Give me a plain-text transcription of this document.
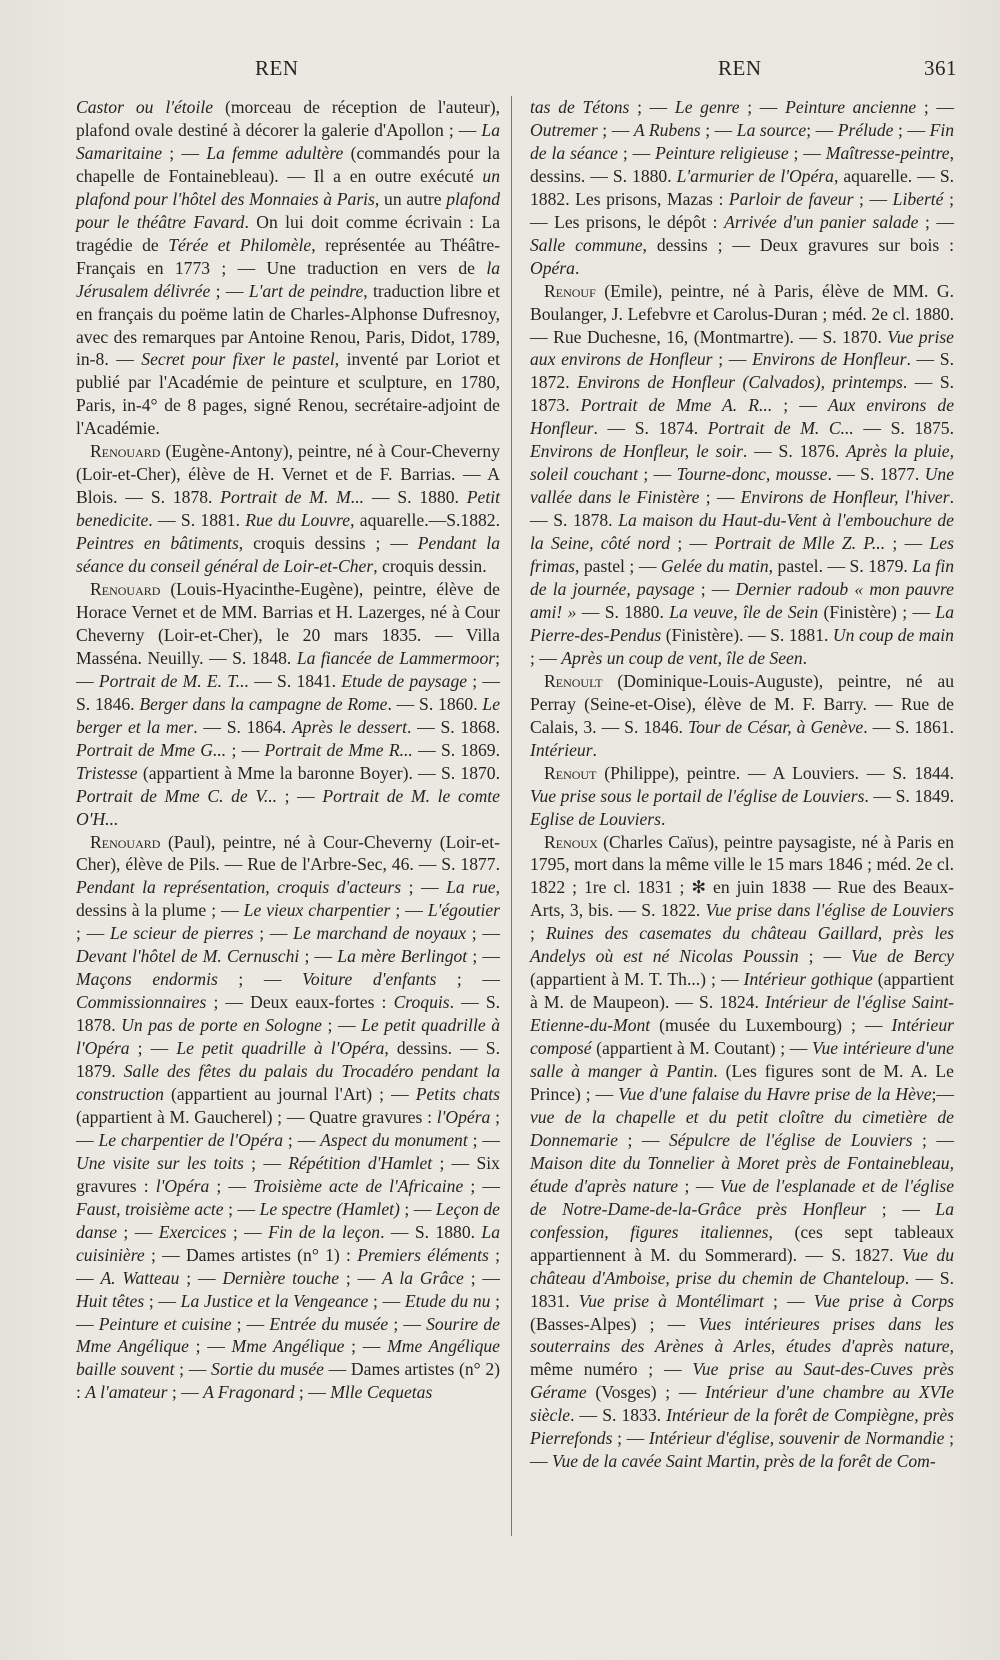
REN	REN	361

Castor ou l'étoile (morceau de réception de l'auteur), plafond ovale destiné à décorer la galerie d'Apollon ; — La Samaritaine ; — La femme adultère (commandés pour la chapelle de Fontainebleau). — Il a en outre exécuté un plafond pour l'hôtel des Monnaies à Paris, un autre plafond pour le théâtre Favard. On lui doit comme écrivain : La tragédie de Térée et Philomèle, représentée au Théâtre-Français en 1773 ; — Une traduction en vers de la Jérusalem délivrée ; — L'art de peindre, traduction libre et en français du poëme latin de Charles-Alphonse Dufresnoy, avec des remarques par Antoine Renou, Paris, Didot, 1789, in-8. — Secret pour fixer le pastel, inventé par Loriot et publié par l'Académie de peinture et sculpture, en 1780, Paris, in-4° de 8 pages, signé Renou, secrétaire-adjoint de l'Académie.

Renouard (Eugène-Antony), peintre, né à Cour-Cheverny (Loir-et-Cher), élève de H. Vernet et de F. Barrias. — A Blois. — S. 1878. Portrait de M. M... — S. 1880. Petit benedicite. — S. 1881. Rue du Louvre, aquarelle.—S.1882. Peintres en bâtiments, croquis dessins ; — Pendant la séance du conseil général de Loir-et-Cher, croquis dessin.

Renouard (Louis-Hyacinthe-Eugène), peintre, élève de Horace Vernet et de MM. Barrias et H. Lazerges, né à Cour Cheverny (Loir-et-Cher), le 20 mars 1835. — Villa Masséna. Neuilly. — S. 1848. La fiancée de Lammermoor; — Portrait de M. E. T... — S. 1841. Etude de paysage ; — S. 1846. Berger dans la campagne de Rome. — S. 1860. Le berger et la mer. — S. 1864. Après le dessert. — S. 1868. Portrait de Mme G... ; — Portrait de Mme R... — S. 1869. Tristesse (appartient à Mme la baronne Boyer). — S. 1870. Portrait de Mme C. de V... ; — Portrait de M. le comte O'H...

Renouard (Paul), peintre, né à Cour-Cheverny (Loir-et-Cher), élève de Pils. — Rue de l'Arbre-Sec, 46. — S. 1877. Pendant la représentation, croquis d'acteurs ; — La rue, dessins à la plume ; — Le vieux charpentier ; — L'égoutier ; — Le scieur de pierres ; — Le marchand de noyaux ; — Devant l'hôtel de M. Cernuschi ; — La mère Berlingot ; — Maçons endormis ; — Voiture d'enfants ; — Commissionnaires ; — Deux eaux-fortes : Croquis. — S. 1878. Un pas de porte en Sologne ; — Le petit quadrille à l'Opéra ; — Le petit quadrille à l'Opéra, dessins. — S. 1879. Salle des fêtes du palais du Trocadéro pendant la construction (appartient au journal l'Art) ; — Petits chats (appartient à M. Gaucherel) ; — Quatre gravures : l'Opéra ; — Le charpentier de l'Opéra ; — Aspect du monument ; — Une visite sur les toits ; — Répétition d'Hamlet ; — Six gravures : l'Opéra ; — Troisième acte de l'Africaine ; — Faust, troisième acte ; — Le spectre (Hamlet) ; — Leçon de danse ; — Exercices ; — Fin de la leçon. — S. 1880. La cuisinière ; — Dames artistes (n° 1) : Premiers éléments ; — A. Watteau ; — Dernière touche ; — A la Grâce ; — Huit têtes ; — La Justice et la Vengeance ; — Etude du nu ; — Peinture et cuisine ; — Entrée du musée ; — Sourire de Mme Angélique ; — Mme Angélique ; — Mme Angélique baille souvent ; — Sortie du musée — Dames artistes (n° 2) : A l'amateur ; — A Fragonard ; — Mlle Cequetas

tas de Tétons ; — Le genre ; — Peinture ancienne ; — Outremer ; — A Rubens ; — La source; — Prélude ; — Fin de la séance ; — Peinture religieuse ; — Maîtresse-peintre, dessins. — S. 1880. L'armurier de l'Opéra, aquarelle. — S. 1882. Les prisons, Mazas : Parloir de faveur ; — Liberté ; — Les prisons, le dépôt : Arrivée d'un panier salade ; — Salle commune, dessins ; — Deux gravures sur bois : Opéra.

Renouf (Emile), peintre, né à Paris, élève de MM. G. Boulanger, J. Lefebvre et Carolus-Duran ; méd. 2e cl. 1880. — Rue Duchesne, 16, (Montmartre). — S. 1870. Vue prise aux environs de Honfleur ; — Environs de Honfleur. — S. 1872. Environs de Honfleur (Calvados), printemps. — S. 1873. Portrait de Mme A. R... ; — Aux environs de Honfleur. — S. 1874. Portrait de M. C... — S. 1875. Environs de Honfleur, le soir. — S. 1876. Après la pluie, soleil couchant ; — Tourne-donc, mousse. — S. 1877. Une vallée dans le Finistère ; — Environs de Honfleur, l'hiver. — S. 1878. La maison du Haut-du-Vent à l'embouchure de la Seine, côté nord ; — Portrait de Mlle Z. P... ; — Les frimas, pastel ; — Gelée du matin, pastel. — S. 1879. La fin de la journée, paysage ; — Dernier radoub « mon pauvre ami! » — S. 1880. La veuve, île de Sein (Finistère) ; — La Pierre-des-Pendus (Finistère). — S. 1881. Un coup de main ; — Après un coup de vent, île de Seen.

Renoult (Dominique-Louis-Auguste), peintre, né au Perray (Seine-et-Oise), élève de M. F. Barry. — Rue de Calais, 3. — S. 1846. Tour de César, à Genève. — S. 1861. Intérieur.

Renout (Philippe), peintre. — A Louviers. — S. 1844. Vue prise sous le portail de l'église de Louviers. — S. 1849. Eglise de Louviers.

Renoux (Charles Caïus), peintre paysagiste, né à Paris en 1795, mort dans la même ville le 15 mars 1846 ; méd. 2e cl. 1822 ; 1re cl. 1831 ; ✻ en juin 1838 — Rue des Beaux-Arts, 3, bis. — S. 1822. Vue prise dans l'église de Louviers ; Ruines des casemates du château Gaillard, près les Andelys où est né Nicolas Poussin ; — Vue de Bercy (appartient à M. T. Th...) ; — Intérieur gothique (appartient à M. de Maupeon). — S. 1824. Intérieur de l'église Saint-Etienne-du-Mont (musée du Luxembourg) ; — Intérieur composé (appartient à M. Coutant) ; — Vue intérieure d'une salle à manger à Pantin. (Les figures sont de M. A. Le Prince) ; — Vue d'une falaise du Havre prise de la Hève;—vue de la chapelle et du petit cloître du cimetière de Donnemarie ; — Sépulcre de l'église de Louviers ; — Maison dite du Tonnelier à Moret près de Fontainebleau, étude d'après nature ; — Vue de l'esplanade et de l'église de Notre-Dame-de-la-Grâce près Honfleur ; — La confession, figures italiennes, (ces sept tableaux appartiennent à M. du Sommerard). — S. 1827. Vue du château d'Amboise, prise du chemin de Chanteloup. — S. 1831. Vue prise à Montélimart ; — Vue prise à Corps (Basses-Alpes) ; — Vues intérieures prises dans les souterrains des Arènes à Arles, études d'après nature, même numéro ; — Vue prise au Saut-des-Cuves près Gérame (Vosges) ; — Intérieur d'une chambre au XVIe siècle. — S. 1833. Intérieur de la forêt de Compiègne, près Pierrefonds ; — Intérieur d'église, souvenir de Normandie ; — Vue de la cavée Saint Martin, près de la forêt de Com-
